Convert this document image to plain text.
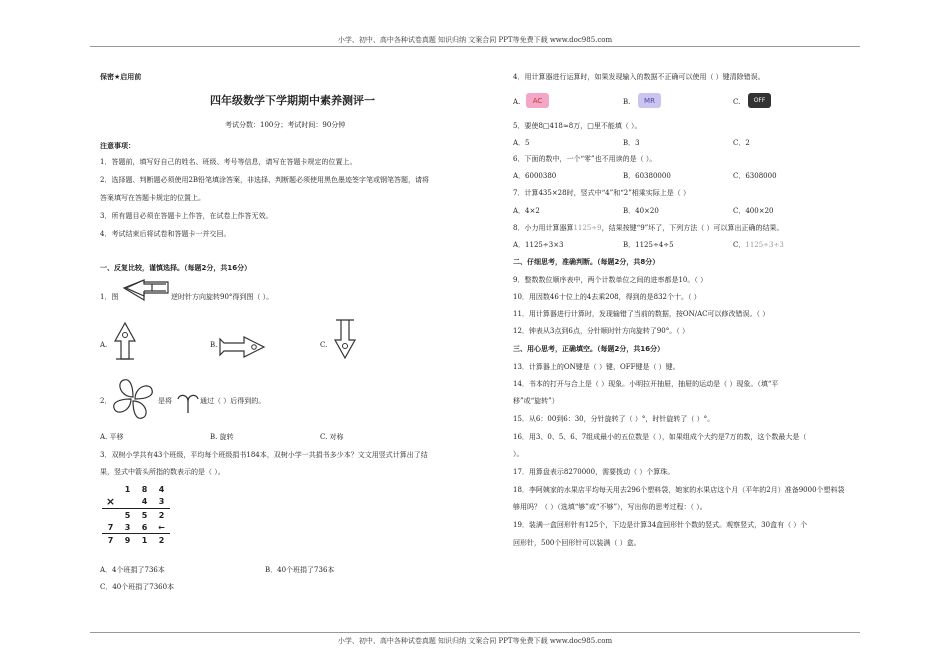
小学、初中、高中各种试卷真题 知识归纳 文案合同 PPT等免费下载 www.doc985.com
保密★启用前
四年级数学下学期期中素养测评一
考试分数：100分；考试时间：90分钟
注意事项：
1．答题前，填写好自己的姓名、班级、考号等信息，请写在答题卡规定的位置上。
2．选择题、判断题必须使用2B铅笔填涂答案，非选择、判断题必须使用黑色墨迹签字笔或钢笔答题，请将
答案填写在答题卡规定的位置上。
3．所有题目必须在答题卡上作答，在试卷上作答无效。
4．考试结束后将试卷和答题卡一并交回。
一、反复比较，谨慎选择。（每题2分，共16分）
1．图	逆时针方向旋转90°得到图（ ）。
A.	B.	C.
2．	是将	通过（ ）后得到的。
A. 平移	B. 旋转	C. 对称
3．双树小学共有43个班级，平均每个班级捐书184本，双树小学一共捐书多少本？文文用竖式计算出了结
果，竖式中箭头所指的数表示的是（ ）。
	1	8	4
×		4	3
	5	5	2
7	3	6	←
7	9	1	2
A．4个班捐了736本	B．40个班捐了736本
C．40个班捐了7360本
4．用计算器进行运算时，如果发现输入的数据不正确可以使用（ ）键清除错误。
A.	AC	B.	MR	C.	OFF
5．要使8□418≈8万，□里不能填（ ）。
A．5	B．3	C．2
6．下面的数中，一个“零”也不用读的是（ ）。
A．6000380	B．60380000	C．6308000
7．计算435×28时，竖式中“4”和“2”相乘实际上是（ ）
A．4×2	B．40×20	C．400×20
8．小力用计算器算1125÷9，结果按键“9”坏了，下列方法（ ）可以算出正确的结果。
A．1125÷3×3	B．1125÷4÷5	C．1125÷3÷3
二、仔细思考，准确判断。（每题2分，共8分）
9．整数数位顺序表中，两个计数单位之间的进率都是10。（ ）
10．用因数46十位上的4去乘208，得到的是832个十。（ ）
11．用计算器进行计算时，发现输错了当前的数据，按ON/AC可以修改错误。（ ）
12．钟表从3点到6点，分针顺时针方向旋转了90°。（ ）
三、用心思考，正确填空。（每题2分，共16分）
13．计算器上的ON键是（ ）键，OFF键是（ ）键。
14．书本的打开与合上是（ ）现象。小明拉开抽屉，抽屉的运动是（ ）现象。（填“平
移”或“旋转”）
15．从6：00到6：30，分针旋转了（ ）°，时针旋转了（ ）°。
16．用3、0、5、6、7组成最小的五位数是（ ），如果组成个大约是7万的数，这个数最大是（
）。
17．用算盘表示8270000，需要拨动（ ）个算珠。
18．李阿姨家的水果店平均每天用去296个塑料袋，她家的水果店这个月（平年的2月）准备9000个塑料袋
够用吗？（ ）（选填“够”或“不够”），写出你的思考过程：（ ）。
19．装满一盒回形针有125个，下边是计算34盒回形针个数的竖式。观察竖式，30盒有（ ）个
回形针，500个回形针可以装满（ ）盒。
小学、初中、高中各种试卷真题 知识归纳 文案合同 PPT等免费下载 www.doc985.com
